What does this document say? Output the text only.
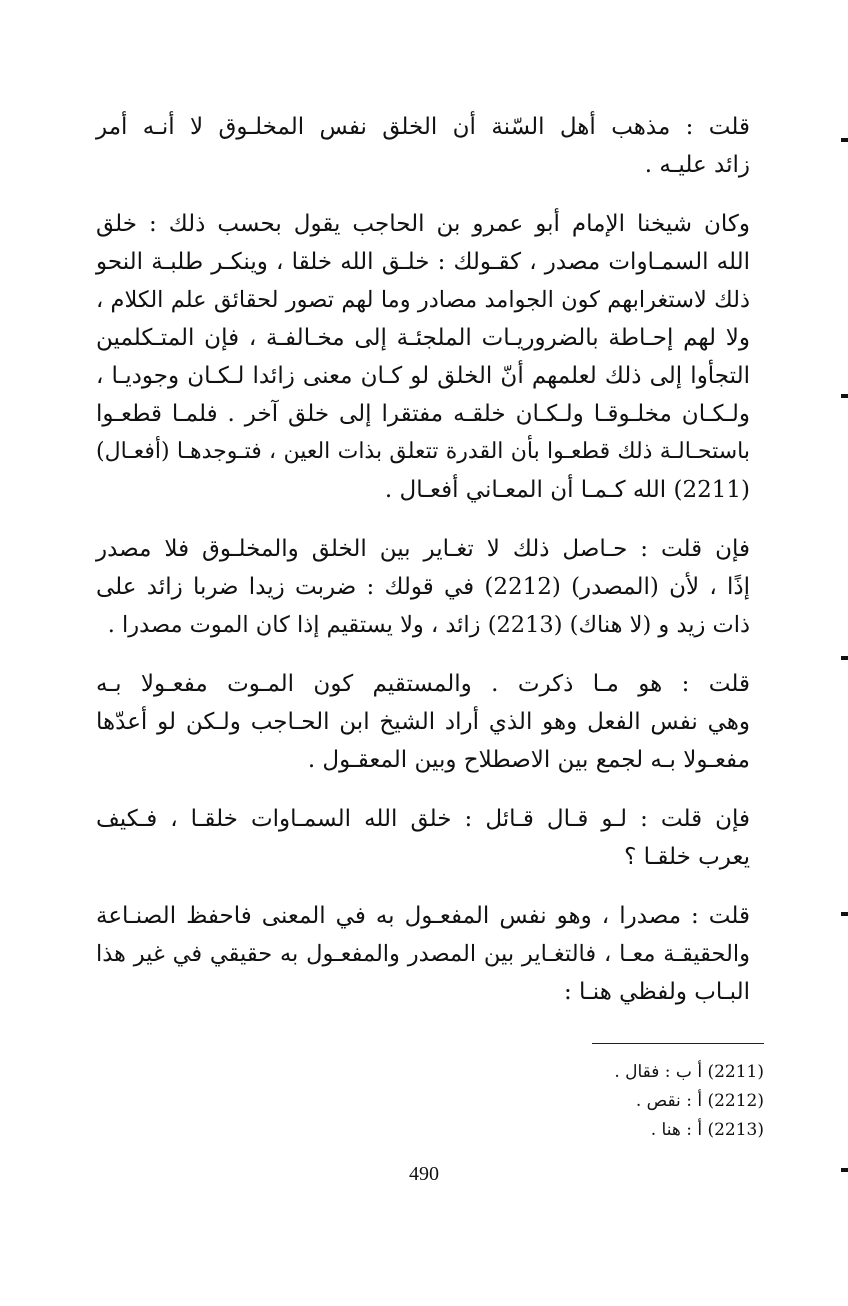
قلت : مذهب أهل السّنة أن الخلق نفس المخلـوق لا أنـه أمر
زائد عليـه .

وكان شيخنا الإمام أبو عمرو بن الحاجب يقول بحسب ذلك : خلق
الله السمـاوات مصدر ، كقـولك : خلـق الله خلقا ، وينكـر طلبـة النحو
ذلك لاستغرابهم كون الجوامد مصادر وما لهم تصور لحقائق علم الكلام ،
ولا لهم إحـاطة بالضروريـات الملجئـة إلى مخـالفـة ، فإن المتـكلمين
التجأوا إلى ذلك لعلمهم أنّ الخلق لو كـان معنى زائدا لـكـان وجوديـا ،
ولـكـان مخلـوقـا ولـكـان خلقـه مفتقرا إلى خلق آخر . فلمـا قطعـوا
باستحـالـة ذلك قطعـوا بأن القدرة تتعلق بذات العين ، فتـوجدهـا (أفعـال)
(2211) الله كـمـا أن المعـاني أفعـال .

فإن قلت : حـاصل ذلك لا تغـاير بين الخلق والمخلـوق فلا مصدر
إذًا ، لأن (المصدر) (2212) في قولك : ضربت زيدا ضربا زائد على
ذات زيد و (لا هناك) (2213) زائد ، ولا يستقيم إذا كان الموت مصدرا .

قلت : هو مـا ذكرت . والمستقيم كون المـوت مفعـولا بـه
وهي نفس الفعل وهو الذي أراد الشيخ ابن الحـاجب ولـكن لو أعدّها
مفعـولا بـه لجمع بين الاصطلاح وبين المعقـول .

فإن قلت : لـو قـال قـائل : خلق الله السمـاوات خلقـا ، فـكيف
يعرب خلقـا ؟

قلت : مصدرا ، وهو نفس المفعـول به في المعنى فاحفظ الصنـاعة
والحقيقـة معـا ، فالتغـاير بين المصدر والمفعـول به حقيقي في غير هذا
البـاب ولفظي هنـا :

(2211) أ ب : فقال .
(2212) أ : نقص .
(2213) أ : هنا .
490
